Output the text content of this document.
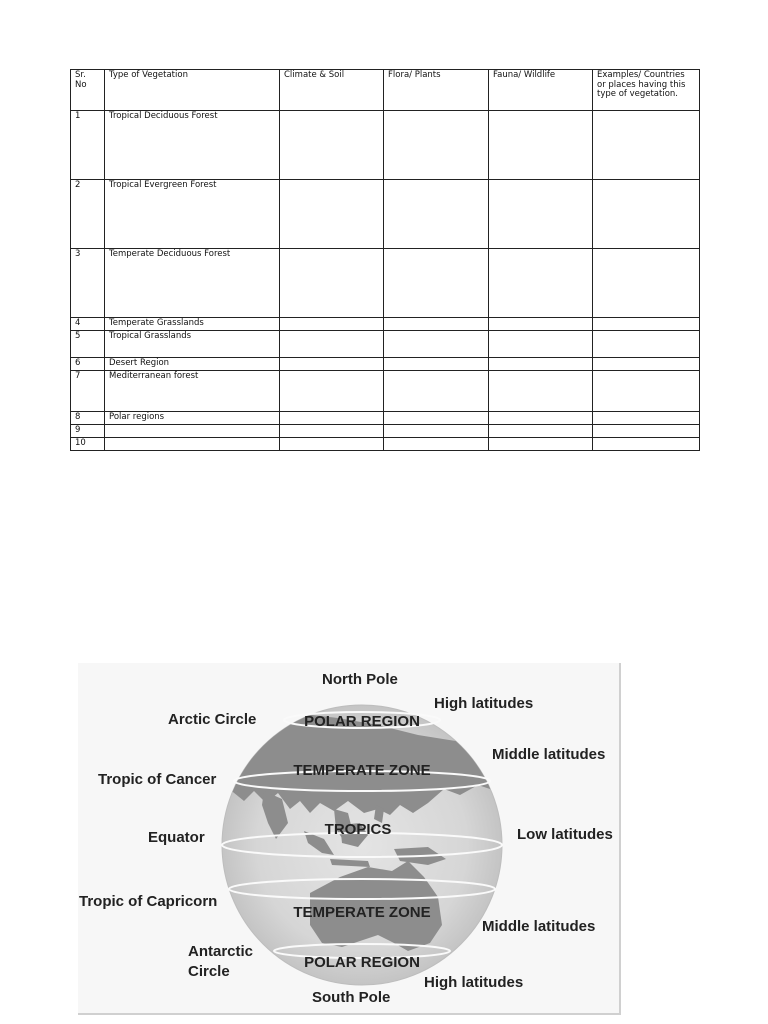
Sr. No	Type of Vegetation	Climate & Soil	Flora/ Plants	Fauna/ Wildlife	Examples/ Countries or places having this type of vegetation.
1	Tropical Deciduous Forest				
2	Tropical Evergreen Forest				
3	Temperate Deciduous Forest				
4	Temperate Grasslands				
5	Tropical Grasslands				
6	Desert Region				
7	Mediterranean forest				
8	Polar regions				
9					
10					
North Pole
South Pole
Arctic Circle
Tropic of Cancer
Equator
Tropic of Capricorn
Antarctic
Circle
High latitudes
Middle latitudes
Low latitudes
Middle latitudes
High latitudes
POLAR REGION
TEMPERATE ZONE
TROPICS
TEMPERATE ZONE
POLAR REGION
